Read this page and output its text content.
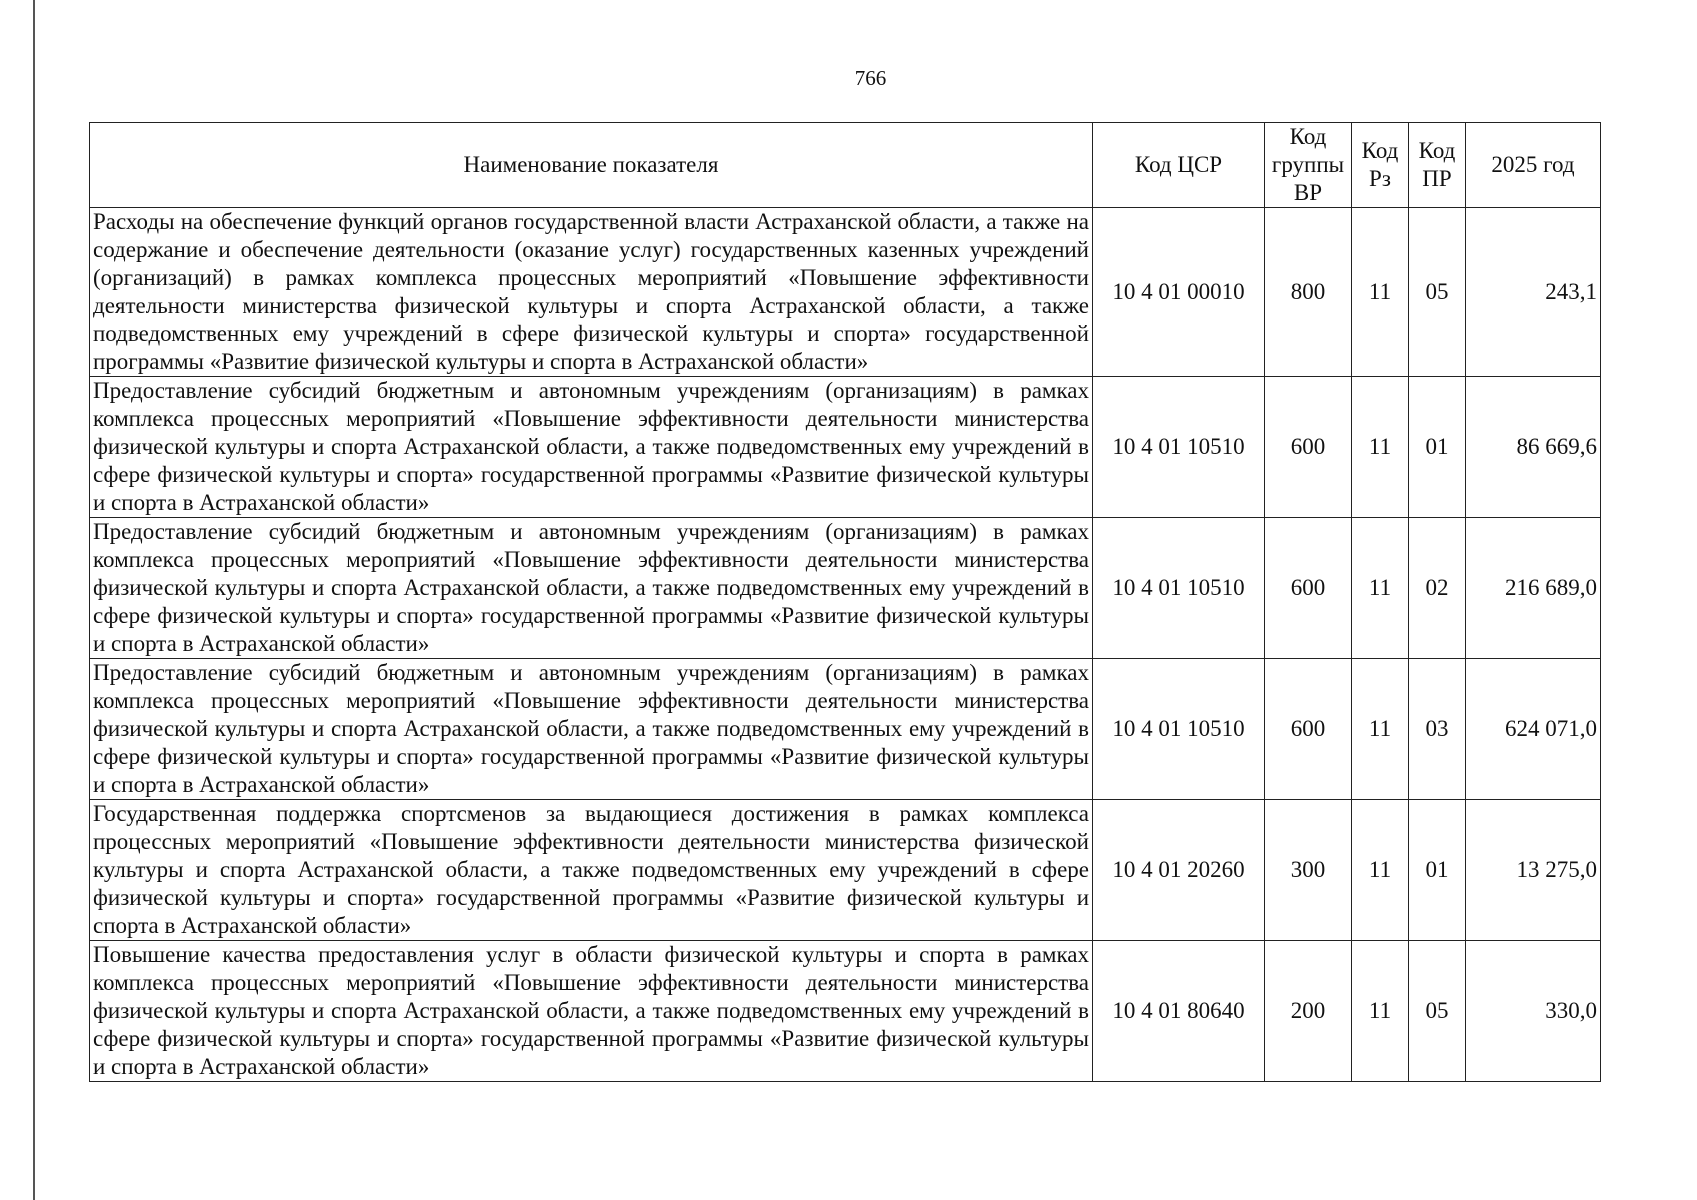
766
Наименование показателя	Код ЦСР	Код группы ВР	Код Рз	Код ПР	2025 год
Расходы на обеспечение функций органов государственной власти Астраханской области, а также на содержание и обеспечение деятельности (оказание услуг) государственных казенных учреждений (организаций) в рамках комплекса процессных мероприятий «Повышение эффективности деятельности министерства физической культуры и спорта Астраханской области, а также подведомственных ему учреждений в сфере физической культуры и спорта» государственной программы «Развитие физической культуры и спорта в Астраханской области»	10 4 01 00010	800	11	05	243,1
Предоставление субсидий бюджетным и автономным учреждениям (организациям) в рамках комплекса процессных мероприятий «Повышение эффективности деятельности министерства физической культуры и спорта Астраханской области, а также подведомственных ему учреждений в сфере физической культуры и спорта» государственной программы «Развитие физической культуры и спорта в Астраханской области»	10 4 01 10510	600	11	01	86 669,6
Предоставление субсидий бюджетным и автономным учреждениям (организациям) в рамках комплекса процессных мероприятий «Повышение эффективности деятельности министерства физической культуры и спорта Астраханской области, а также подведомственных ему учреждений в сфере физической культуры и спорта» государственной программы «Развитие физической культуры и спорта в Астраханской области»	10 4 01 10510	600	11	02	216 689,0
Предоставление субсидий бюджетным и автономным учреждениям (организациям) в рамках комплекса процессных мероприятий «Повышение эффективности деятельности министерства физической культуры и спорта Астраханской области, а также подведомственных ему учреждений в сфере физической культуры и спорта» государственной программы «Развитие физической культуры и спорта в Астраханской области»	10 4 01 10510	600	11	03	624 071,0
Государственная поддержка спортсменов за выдающиеся достижения в рамках комплекса процессных мероприятий «Повышение эффективности деятельности министерства физической культуры и спорта Астраханской области, а также подведомственных ему учреждений в сфере физической культуры и спорта» государственной программы «Развитие физической культуры и спорта в Астраханской области»	10 4 01 20260	300	11	01	13 275,0
Повышение качества предоставления услуг в области физической культуры и спорта в рамках комплекса процессных мероприятий «Повышение эффективности деятельности министерства физической культуры и спорта Астраханской области, а также подведомственных ему учреждений в сфере физической культуры и спорта» государственной программы «Развитие физической культуры и спорта в Астраханской области»	10 4 01 80640	200	11	05	330,0
